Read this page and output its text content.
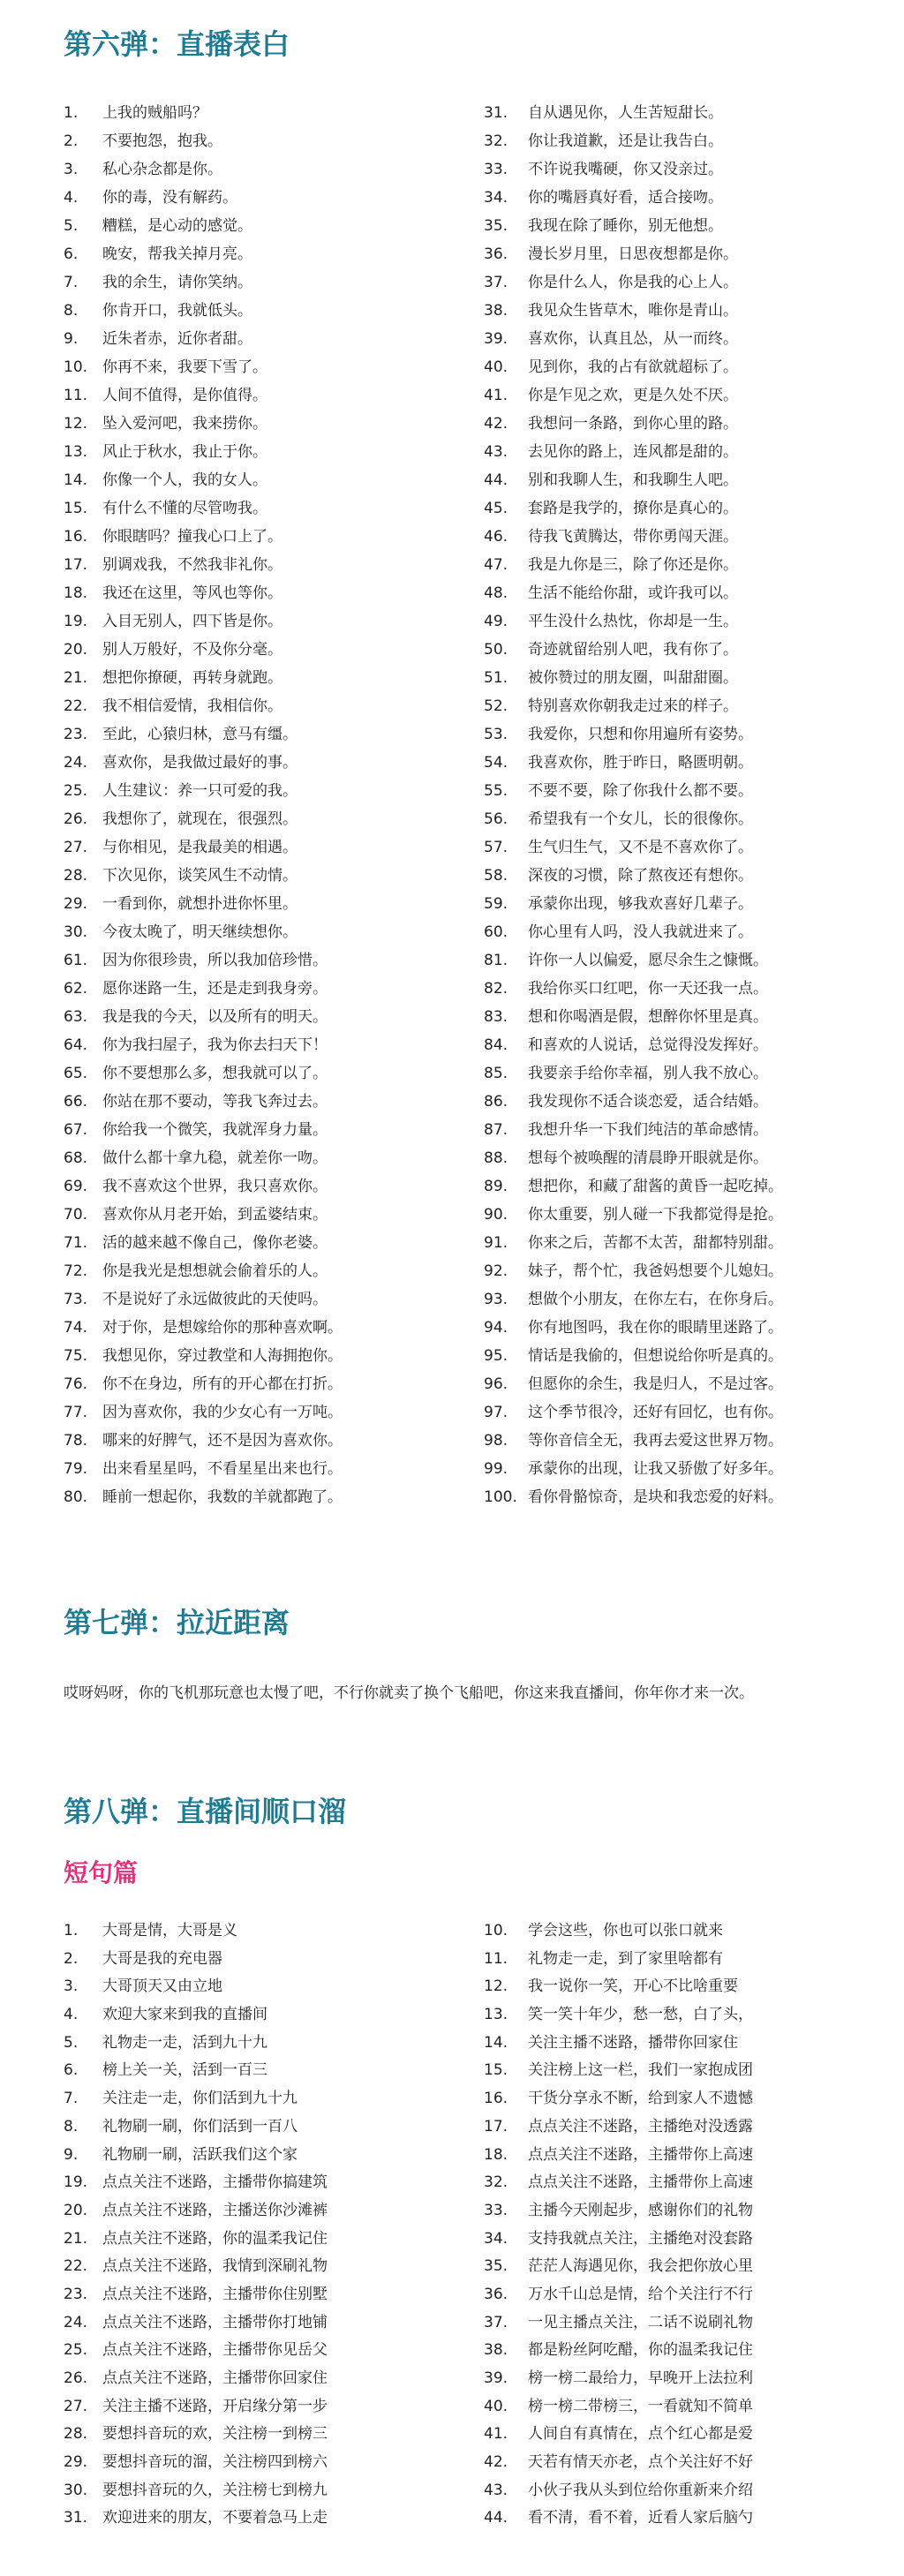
第六弹：直播表白
1. 上我的贼船吗？
2. 不要抱怨，抱我。
3. 私心杂念都是你。
4. 你的毒，没有解药。
5. 糟糕，是心动的感觉。
6. 晚安，帮我关掉月亮。
7. 我的余生，请你笑纳。
8. 你肯开口，我就低头。
9. 近朱者赤，近你者甜。
10. 你再不来，我要下雪了。
11. 人间不值得，是你值得。
12. 坠入爱河吧，我来捞你。
13. 风止于秋水，我止于你。
14. 你像一个人，我的女人。
15. 有什么不懂的尽管吻我。
16. 你眼瞎吗？撞我心口上了。
17. 别调戏我，不然我非礼你。
18. 我还在这里，等风也等你。
19. 入目无别人，四下皆是你。
20. 别人万般好，不及你分毫。
21. 想把你撩硬，再转身就跑。
22. 我不相信爱情，我相信你。
23. 至此，心猿归林，意马有缰。
24. 喜欢你，是我做过最好的事。
25. 人生建议：养一只可爱的我。
26. 我想你了，就现在，很强烈。
27. 与你相见，是我最美的相遇。
28. 下次见你，谈笑风生不动情。
29. 一看到你，就想扑进你怀里。
30. 今夜太晚了，明天继续想你。
61. 因为你很珍贵，所以我加倍珍惜。
62. 愿你迷路一生，还是走到我身旁。
63. 我是我的今天，以及所有的明天。
64. 你为我扫屋子，我为你去扫天下！
65. 你不要想那么多，想我就可以了。
66. 你站在那不要动，等我飞奔过去。
67. 你给我一个微笑，我就浑身力量。
68. 做什么都十拿九稳，就差你一吻。
69. 我不喜欢这个世界，我只喜欢你。
70. 喜欢你从月老开始，到孟婆结束。
71. 活的越来越不像自己，像你老婆。
72. 你是我光是想想就会偷着乐的人。
73. 不是说好了永远做彼此的天使吗。
74. 对于你，是想嫁给你的那种喜欢啊。
75. 我想见你，穿过教堂和人海拥抱你。
76. 你不在身边，所有的开心都在打折。
77. 因为喜欢你，我的少女心有一万吨。
78. 哪来的好脾气，还不是因为喜欢你。
79. 出来看星星吗，不看星星出来也行。
80. 睡前一想起你，我数的羊就都跑了。
31. 自从遇见你，人生苦短甜长。
32. 你让我道歉，还是让我告白。
33. 不许说我嘴硬，你又没亲过。
34. 你的嘴唇真好看，适合接吻。
35. 我现在除了睡你，别无他想。
36. 漫长岁月里，日思夜想都是你。
37. 你是什么人，你是我的心上人。
38. 我见众生皆草木，唯你是青山。
39. 喜欢你，认真且怂，从一而终。
40. 见到你，我的占有欲就超标了。
41. 你是乍见之欢，更是久处不厌。
42. 我想问一条路，到你心里的路。
43. 去见你的路上，连风都是甜的。
44. 别和我聊人生，和我聊生人吧。
45. 套路是我学的，撩你是真心的。
46. 待我飞黄腾达，带你勇闯天涯。
47. 我是九你是三，除了你还是你。
48. 生活不能给你甜，或许我可以。
49. 平生没什么热忱，你却是一生。
50. 奇迹就留给别人吧，我有你了。
51. 被你赞过的朋友圈，叫甜甜圈。
52. 特别喜欢你朝我走过来的样子。
53. 我爱你，只想和你用遍所有姿势。
54. 我喜欢你，胜于昨日，略匮明朝。
55. 不要不要，除了你我什么都不要。
56. 希望我有一个女儿，长的很像你。
57. 生气归生气，又不是不喜欢你了。
58. 深夜的习惯，除了熬夜还有想你。
59. 承蒙你出现，够我欢喜好几辈子。
60. 你心里有人吗，没人我就进来了。
81. 许你一人以偏爱，愿尽余生之慷慨。
82. 我给你买口红吧，你一天还我一点。
83. 想和你喝酒是假，想醉你怀里是真。
84. 和喜欢的人说话，总觉得没发挥好。
85. 我要亲手给你幸福，别人我不放心。
86. 我发现你不适合谈恋爱，适合结婚。
87. 我想升华一下我们纯洁的革命感情。
88. 想每个被唤醒的清晨睁开眼就是你。
89. 想把你，和藏了甜酱的黄昏一起吃掉。
90. 你太重要，别人碰一下我都觉得是抢。
91. 你来之后，苦都不太苦，甜都特别甜。
92. 妹子，帮个忙，我爸妈想要个儿媳妇。
93. 想做个小朋友，在你左右，在你身后。
94. 你有地图吗，我在你的眼睛里迷路了。
95. 情话是我偷的，但想说给你听是真的。
96. 但愿你的余生，我是归人，不是过客。
97. 这个季节很冷，还好有回忆，也有你。
98. 等你音信全无，我再去爱这世界万物。
99. 承蒙你的出现，让我又骄傲了好多年。
100. 看你骨骼惊奇，是块和我恋爱的好料。
第七弹：拉近距离

哎呀妈呀，你的飞机那玩意也太慢了吧，不行你就卖了换个飞船吧，你这来我直播间，你年你才来一次。

第八弹：直播间顺口溜
短句篇
1. 大哥是情，大哥是义
2. 大哥是我的充电器
3. 大哥顶天又由立地
4. 欢迎大家来到我的直播间
5. 礼物走一走，活到九十九
6. 榜上关一关，活到一百三
7. 关注走一走，你们活到九十九
8. 礼物刷一刷，你们活到一百八
9. 礼物刷一刷，活跃我们这个家
19. 点点关注不迷路，主播带你搞建筑
20. 点点关注不迷路，主播送你沙滩裤
21. 点点关注不迷路，你的温柔我记住
22. 点点关注不迷路，我情到深刷礼物
23. 点点关注不迷路，主播带你住别墅
24. 点点关注不迷路，主播带你打地铺
25. 点点关注不迷路，主播带你见岳父
26. 点点关注不迷路，主播带你回家住
27. 关注主播不迷路，开启缘分第一步
28. 要想抖音玩的欢，关注榜一到榜三
29. 要想抖音玩的溜，关注榜四到榜六
30. 要想抖音玩的久，关注榜七到榜九
31. 欢迎进来的朋友，不要着急马上走
10. 学会这些，你也可以张口就来
11. 礼物走一走，到了家里啥都有
12. 我一说你一笑，开心不比啥重要
13. 笑一笑十年少，愁一愁，白了头，
14. 关注主播不迷路，播带你回家住
15. 关注榜上这一栏，我们一家抱成团
16. 干货分享永不断，给到家人不遗憾
17. 点点关注不迷路，主播绝对没透露
18. 点点关注不迷路，主播带你上高速
32. 点点关注不迷路，主播带你上高速
33. 主播今天刚起步，感谢你们的礼物
34. 支持我就点关注，主播绝对没套路
35. 茫茫人海遇见你，我会把你放心里
36. 万水千山总是情，给个关注行不行
37. 一见主播点关注，二话不说刷礼物
38. 都是粉丝阿吃醋，你的温柔我记住
39. 榜一榜二最给力，早晚开上法拉利
40. 榜一榜二带榜三，一看就知不简单
41. 人间自有真情在，点个红心都是爱
42. 天若有情天亦老，点个关注好不好
43. 小伙子我从头到位给你重新来介绍
44. 看不清，看不着，近看人家后脑勺
